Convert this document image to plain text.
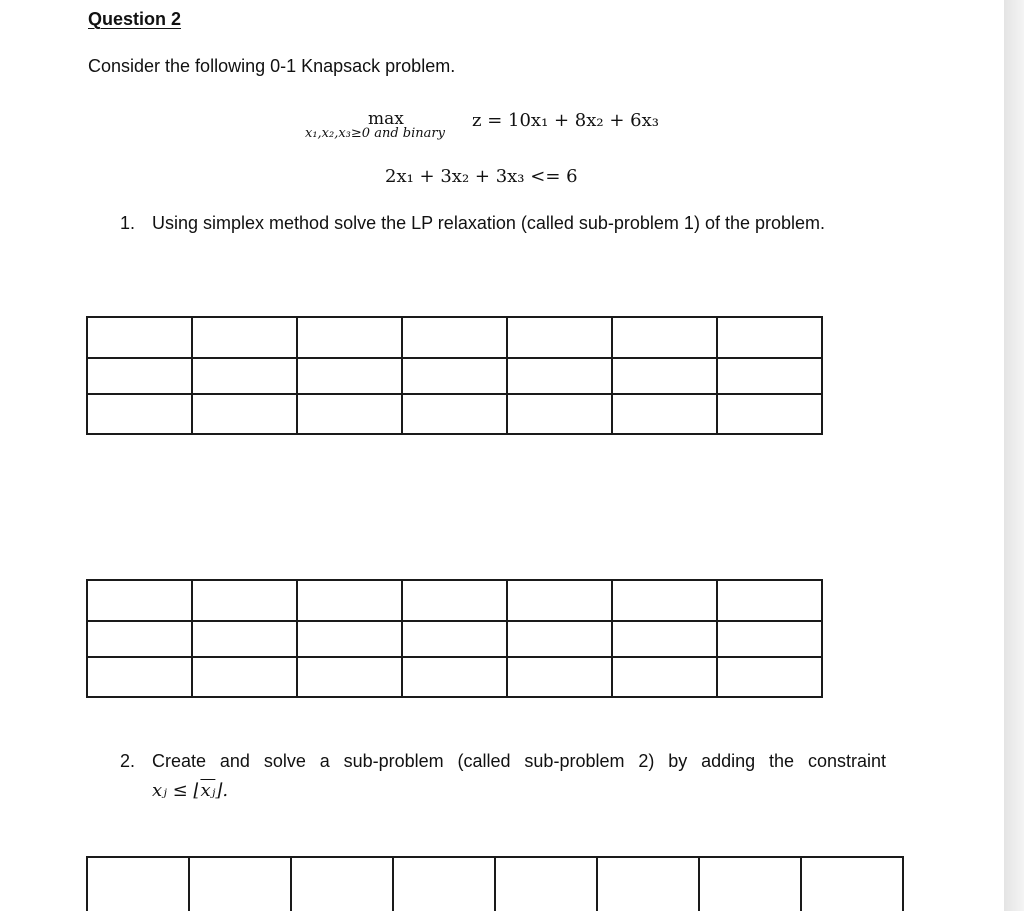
Question 2
Consider the following 0-1 Knapsack problem.
max
x₁,x₂,x₃≥0 and binary
z = 10x₁ + 8x₂ + 6x₃
2x₁ + 3x₂ + 3x₃ <= 6
1. Using simplex method solve the LP relaxation (called sub-problem 1) of the problem.

2. Create and solve a sub-problem (called sub-problem 2) by adding the constraint
xⱼ ≤ $⌊\overline{xⱼ}⌋$.
